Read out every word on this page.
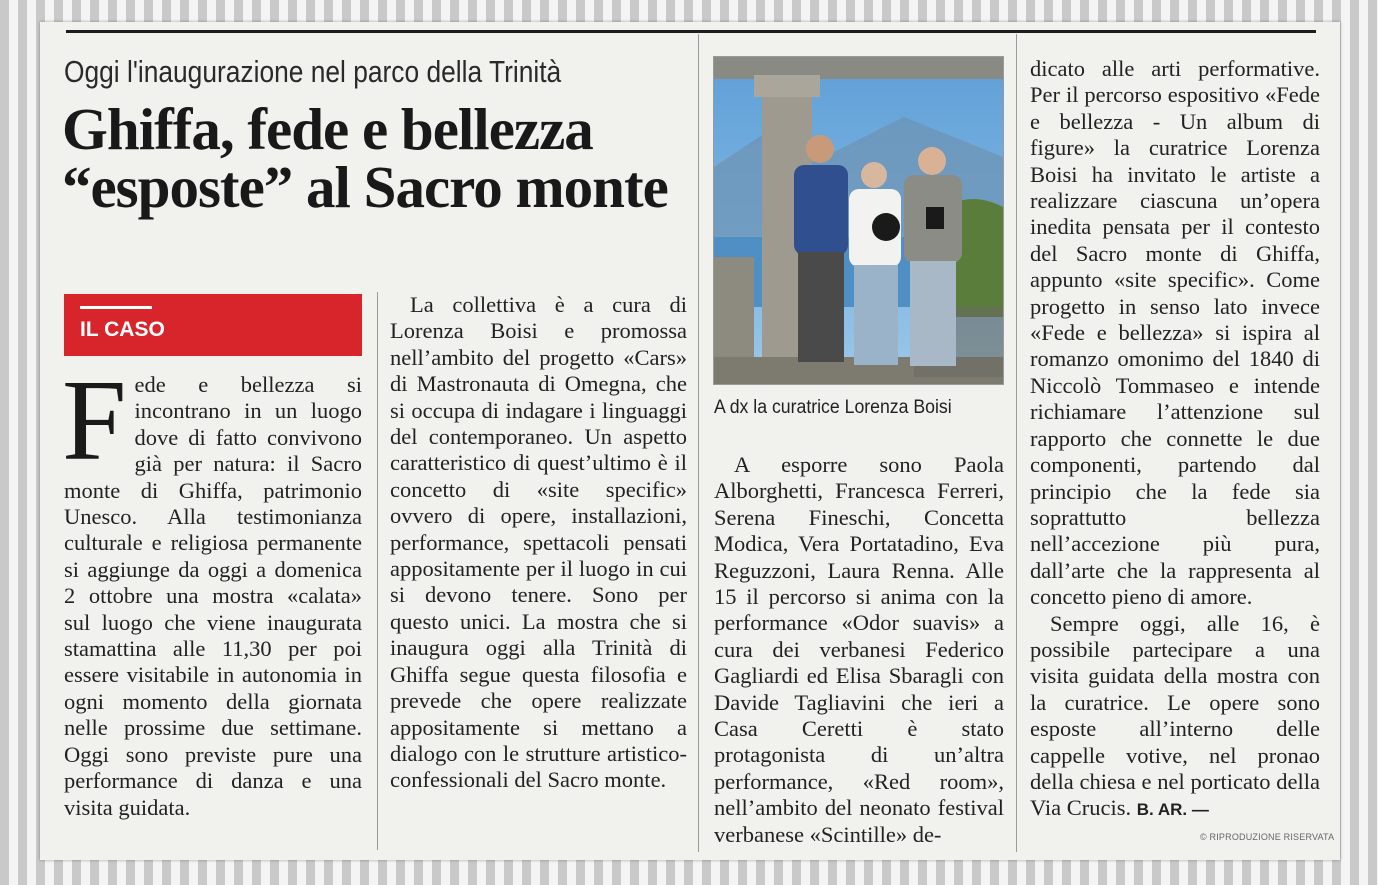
Oggi l'inaugurazione nel parco della Trinità
Ghiffa, fede e bellezza
“esposte” al Sacro monte
IL CASO
Fede e bellezza si incontrano in un luogo dove di fatto convivono già per natura: il Sacro monte di Ghiffa, patrimonio Unesco. Alla testimonianza culturale e religiosa permanente si aggiunge da oggi a domenica 2 ottobre una mostra «calata» sul luogo che viene inaugurata stamattina alle 11,30 per poi essere visitabile in autonomia in ogni momento della giornata nelle prossime due settimane. Oggi sono previste pure una performance di danza e una visita guidata.
La collettiva è a cura di Lorenza Boisi e promossa nell’ambito del progetto «Cars» di Mastronauta di Omegna, che si occupa di indagare i linguaggi del contemporaneo. Un aspetto caratteristico di quest’ultimo è il concetto di «site specific» ovvero di opere, installazioni, performance, spettacoli pensati appositamente per il luogo in cui si devono tenere. Sono per questo unici. La mostra che si inaugura oggi alla Trinità di Ghiffa segue questa filosofia e prevede che opere realizzate appositamente si mettano a dialogo con le strutture artistico-confessionali del Sacro monte.
A dx la curatrice Lorenza Boisi
A esporre sono Paola Alborghetti, Francesca Ferreri, Serena Fineschi, Concetta Modica, Vera Portatadino, Eva Reguzzoni, Laura Renna. Alle 15 il percorso si anima con la performance «Odor suavis» a cura dei verbanesi Federico Gagliardi ed Elisa Sbaragli con Davide Tagliavini che ieri a Casa Ceretti è stato protagonista di un’altra performance, «Red room», nell’ambito del neonato festival verbanese «Scintille» de-
dicato alle arti performative. Per il percorso espositivo «Fede e bellezza - Un album di figure» la curatrice Lorenza Boisi ha invitato le artiste a realizzare ciascuna un’opera inedita pensata per il contesto del Sacro monte di Ghiffa, appunto «site specific». Come progetto in senso lato invece «Fede e bellezza» si ispira al romanzo omonimo del 1840 di Niccolò Tommaseo e intende richiamare l’attenzione sul rapporto che connette le due componenti, partendo dal principio che la fede sia soprattutto bellezza nell’accezione più pura, dall’arte che la rappresenta al concetto pieno di amore.
Sempre oggi, alle 16, è possibile partecipare a una visita guidata della mostra con la curatrice. Le opere sono esposte all’interno delle cappelle votive, nel pronao della chiesa e nel porticato della Via Crucis. B. AR. —
© RIPRODUZIONE RISERVATA
